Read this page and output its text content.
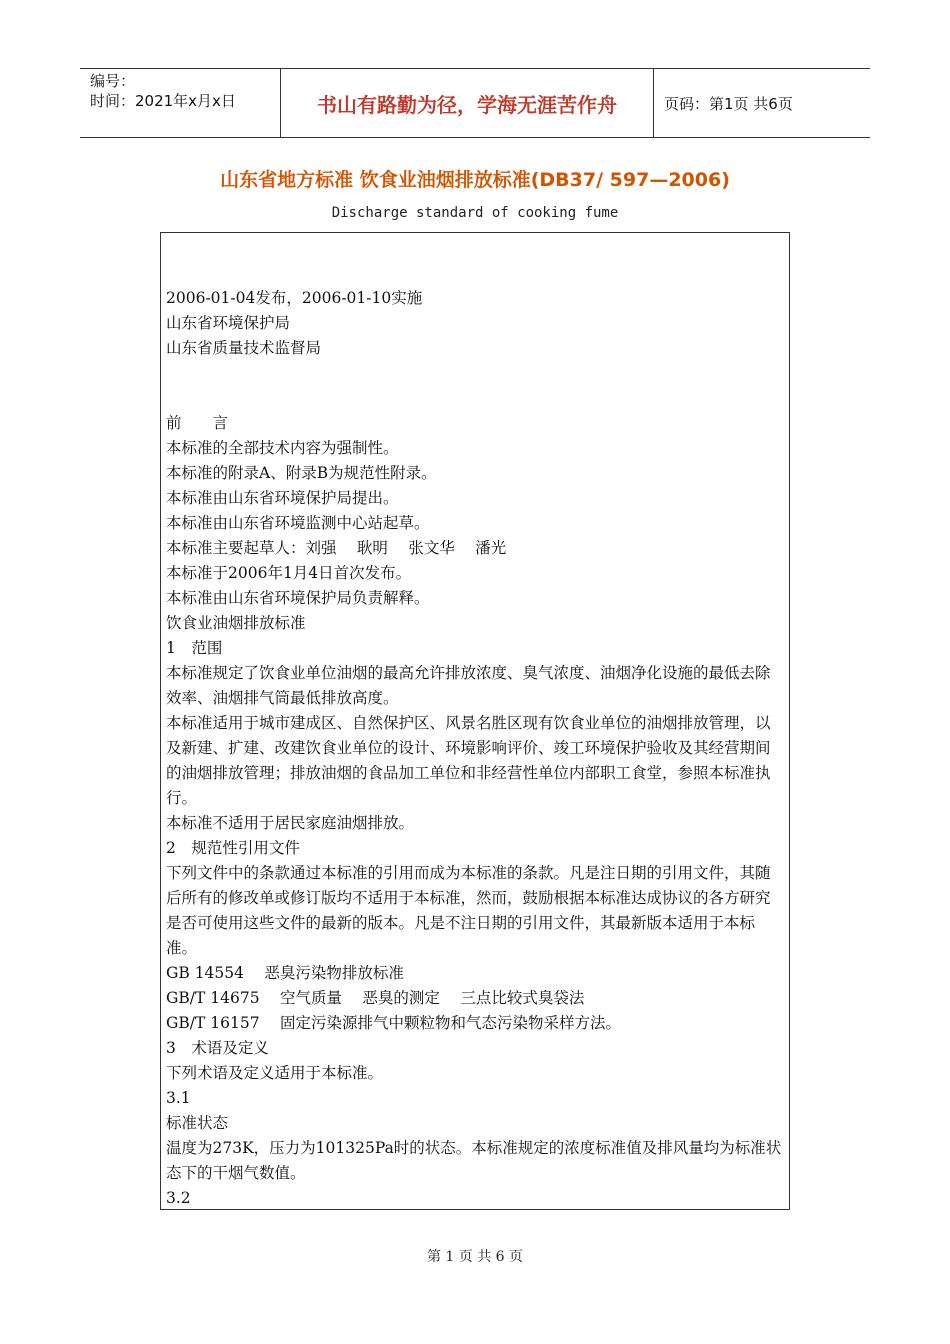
编号：
时间：2021年x月x日	书山有路勤为径，学海无涯苦作舟	页码：第1页 共6页
山东省地方标准 饮食业油烟排放标准(DB37/ 597—2006)
Discharge standard of cooking fume

2006-01-04发布，2006-01-10实施

山东省环境保护局

山东省质量技术监督局

前　　言

本标准的全部技术内容为强制性。

本标准的附录A、附录B为规范性附录。

本标准由山东省环境保护局提出。

本标准由山东省环境监测中心站起草。

本标准主要起草人：刘强　 耿明　 张文华　 潘光

本标准于2006年1月4日首次发布。

本标准由山东省环境保护局负责解释。

饮食业油烟排放标准

1　范围

本标准规定了饮食业单位油烟的最高允许排放浓度、臭气浓度、油烟净化设施的最低去除效率、油烟排气筒最低排放高度。

本标准适用于城市建成区、自然保护区、风景名胜区现有饮食业单位的油烟排放管理，以及新建、扩建、改建饮食业单位的设计、环境影响评价、竣工环境保护验收及其经营期间的油烟排放管理；排放油烟的食品加工单位和非经营性单位内部职工食堂，参照本标准执行。

本标准不适用于居民家庭油烟排放。

2　规范性引用文件

下列文件中的条款通过本标准的引用而成为本标准的条款。凡是注日期的引用文件，其随后所有的修改单或修订版均不适用于本标准，然而，鼓励根据本标准达成协议的各方研究是否可使用这些文件的最新的版本。凡是不注日期的引用文件，其最新版本适用于本标准。

GB 14554　 恶臭污染物排放标准

GB/T 14675　 空气质量　 恶臭的测定　 三点比较式臭袋法

GB/T 16157　 固定污染源排气中颗粒物和气态污染物采样方法。

3　术语及定义

下列术语及定义适用于本标准。

3.1

标准状态

温度为273K，压力为101325Pa时的状态。本标准规定的浓度标准值及排风量均为标准状态下的干烟气数值。

3.2

第 1 页 共 6 页
